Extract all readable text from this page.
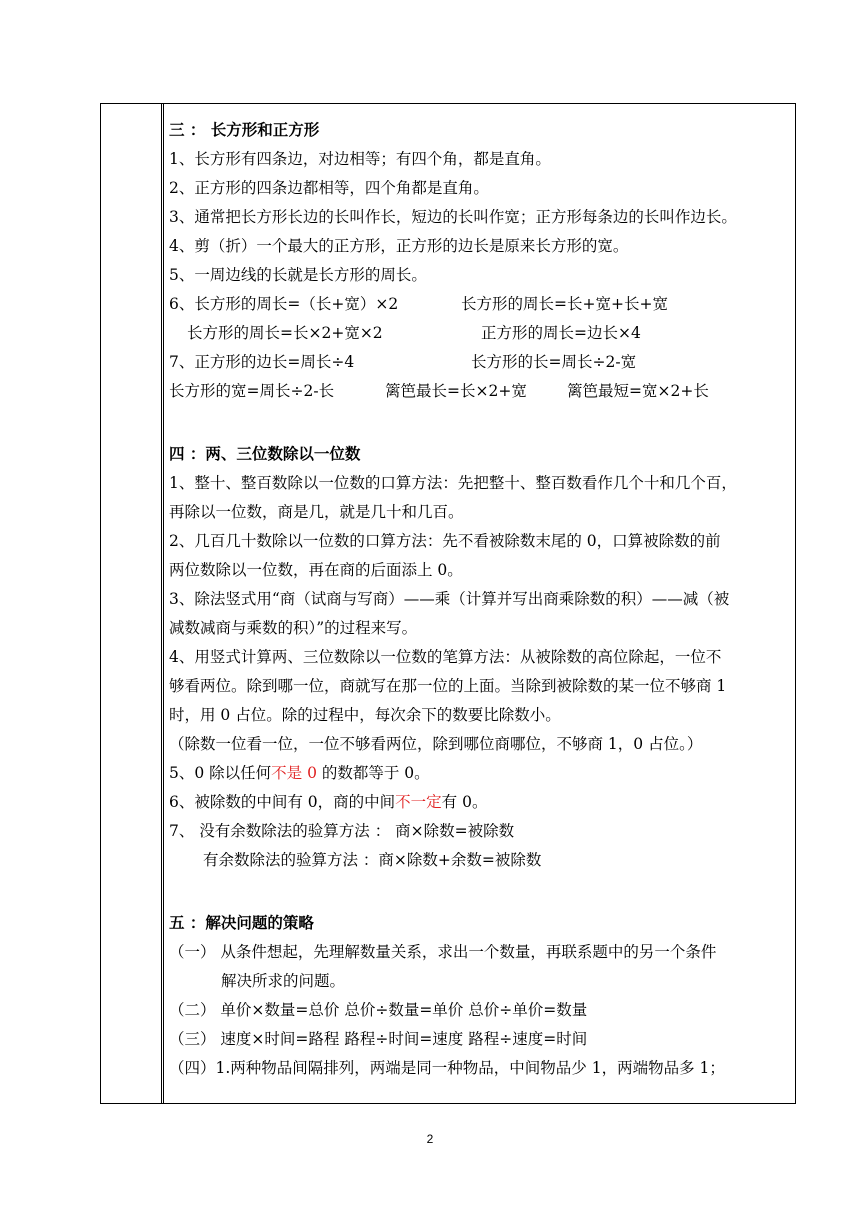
三 ： 长方形和正方形
1、长方形有四条边，对边相等；有四个角，都是直角。
2、正方形的四条边都相等，四个角都是直角。
3、通常把长方形长边的长叫作长，短边的长叫作宽；正方形每条边的长叫作边长。
4、剪（折）一个最大的正方形，正方形的边长是原来长方形的宽。
5、一周边线的长就是长方形的周长。
6、长方形的周长=（长+宽）×2	长方形的周长=长+宽+长+宽
长方形的周长=长×2+宽×2	正方形的周长=边长×4
7、正方形的边长=周长÷4	长方形的长=周长÷2-宽
长方形的宽=周长÷2-长	篱笆最长=长×2+宽	篱笆最短=宽×2+长
四 ：两、三位数除以一位数
1、整十、整百数除以一位数的口算方法：先把整十、整百数看作几个十和几个百，
再除以一位数，商是几，就是几十和几百。
2、几百几十数除以一位数的口算方法：先不看被除数末尾的 0，口算被除数的前
两位数除以一位数，再在商的后面添上 0。
3、除法竖式用“商（试商与写商）——乘（计算并写出商乘除数的积）——减（被
减数减商与乘数的积）”的过程来写。
4、用竖式计算两、三位数除以一位数的笔算方法：从被除数的高位除起，一位不
够看两位。除到哪一位，商就写在那一位的上面。当除到被除数的某一位不够商 1
时，用 0 占位。除的过程中，每次余下的数要比除数小。
（除数一位看一位，一位不够看两位，除到哪位商哪位，不够商 1，0 占位。）
5、0 除以任何不是 0 的数都等于 0。
6、被除数的中间有 0，商的中间不一定有 0。
7、 没有余数除法的验算方法 ： 商×除数=被除数
有余数除法的验算方法 ：商×除数+余数=被除数
五 ：解决问题的策略
（一） 从条件想起，先理解数量关系，求出一个数量，再联系题中的另一个条件
解决所求的问题。
（二） 单价×数量=总价 总价÷数量=单价 总价÷单价=数量
（三） 速度×时间=路程 路程÷时间=速度 路程÷速度=时间
（四）1.两种物品间隔排列，两端是同一种物品，中间物品少 1，两端物品多 1；
2
